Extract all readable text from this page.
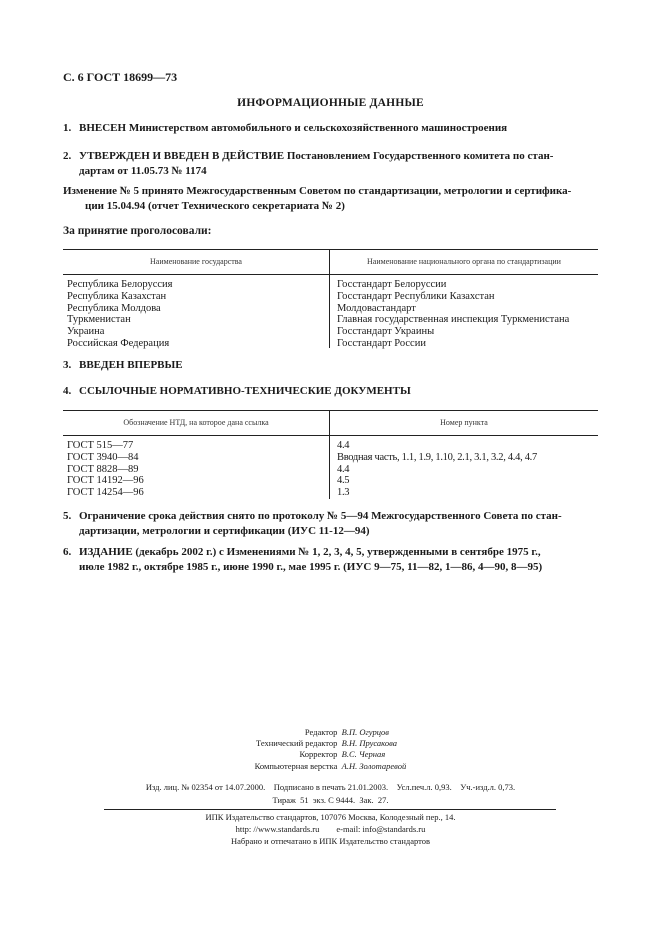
С. 6 ГОСТ 18699—73
ИНФОРМАЦИОННЫЕ ДАННЫЕ
1. ВНЕСЕН Министерством автомобильного и сельскохозяйственного машиностроения
2. УТВЕРЖДЕН И ВВЕДЕН В ДЕЙСТВИЕ Постановлением Государственного комитета по стан-
дартам от 11.05.73 № 1174
Изменение № 5 принято Межгосударственным Советом по стандартизации, метрологии и сертифика-
ции 15.04.94 (отчет Технического секретариата № 2)
За принятие проголосовали:
Наименование государства	Наименование национального органа по стандартизации
Республика Белоруссия
Республика Казахстан
Республика Молдова
Туркменистан
Украина
Российская Федерация
Госстандарт Белоруссии
Госстандарт Республики Казахстан
Молдовастандарт
Главная государственная инспекция Туркменистана
Госстандарт Украины
Госстандарт России
3. ВВЕДЕН ВПЕРВЫЕ
4. ССЫЛОЧНЫЕ НОРМАТИВНО-ТЕХНИЧЕСКИЕ ДОКУМЕНТЫ
Обозначение НТД, на которое дана ссылка	Номер пункта
ГОСТ 515—77
ГОСТ 3940—84
ГОСТ 8828—89
ГОСТ 14192—96
ГОСТ 14254—96
4.4
Вводная часть, 1.1, 1.9, 1.10, 2.1, 3.1, 3.2, 4.4, 4.7
4.4
4.5
1.3
5. Ограничение срока действия снято по протоколу № 5—94 Межгосударственного Совета по стан-
дартизации, метрологии и сертификации (ИУС 11-12—94)
6. ИЗДАНИЕ (декабрь 2002 г.) с Изменениями № 1, 2, 3, 4, 5, утвержденными в сентябре 1975 г.,
июле 1982 г., октябре 1985 г., июне 1990 г., мае 1995 г. (ИУС 9—75, 11—82, 1—86, 4—90, 8—95)
Редактор В.П. Огурцов
Технический редактор В.Н. Прусакова
Корректор В.С. Черная
Компьютерная верстка А.Н. Золотаревой
Изд. лиц. № 02354 от 14.07.2000.    Подписано в печать 21.01.2003.    Усл.печ.л. 0,93.    Уч.-изд.л. 0,73.
Тираж  51  экз. С 9444.  Зак.  27.
ИПК Издательство стандартов, 107076 Москва, Колодезный пер., 14.
http: //www.standards.ru        e-mail: info@standards.ru
Набрано и отпечатано в ИПК Издательство стандартов
